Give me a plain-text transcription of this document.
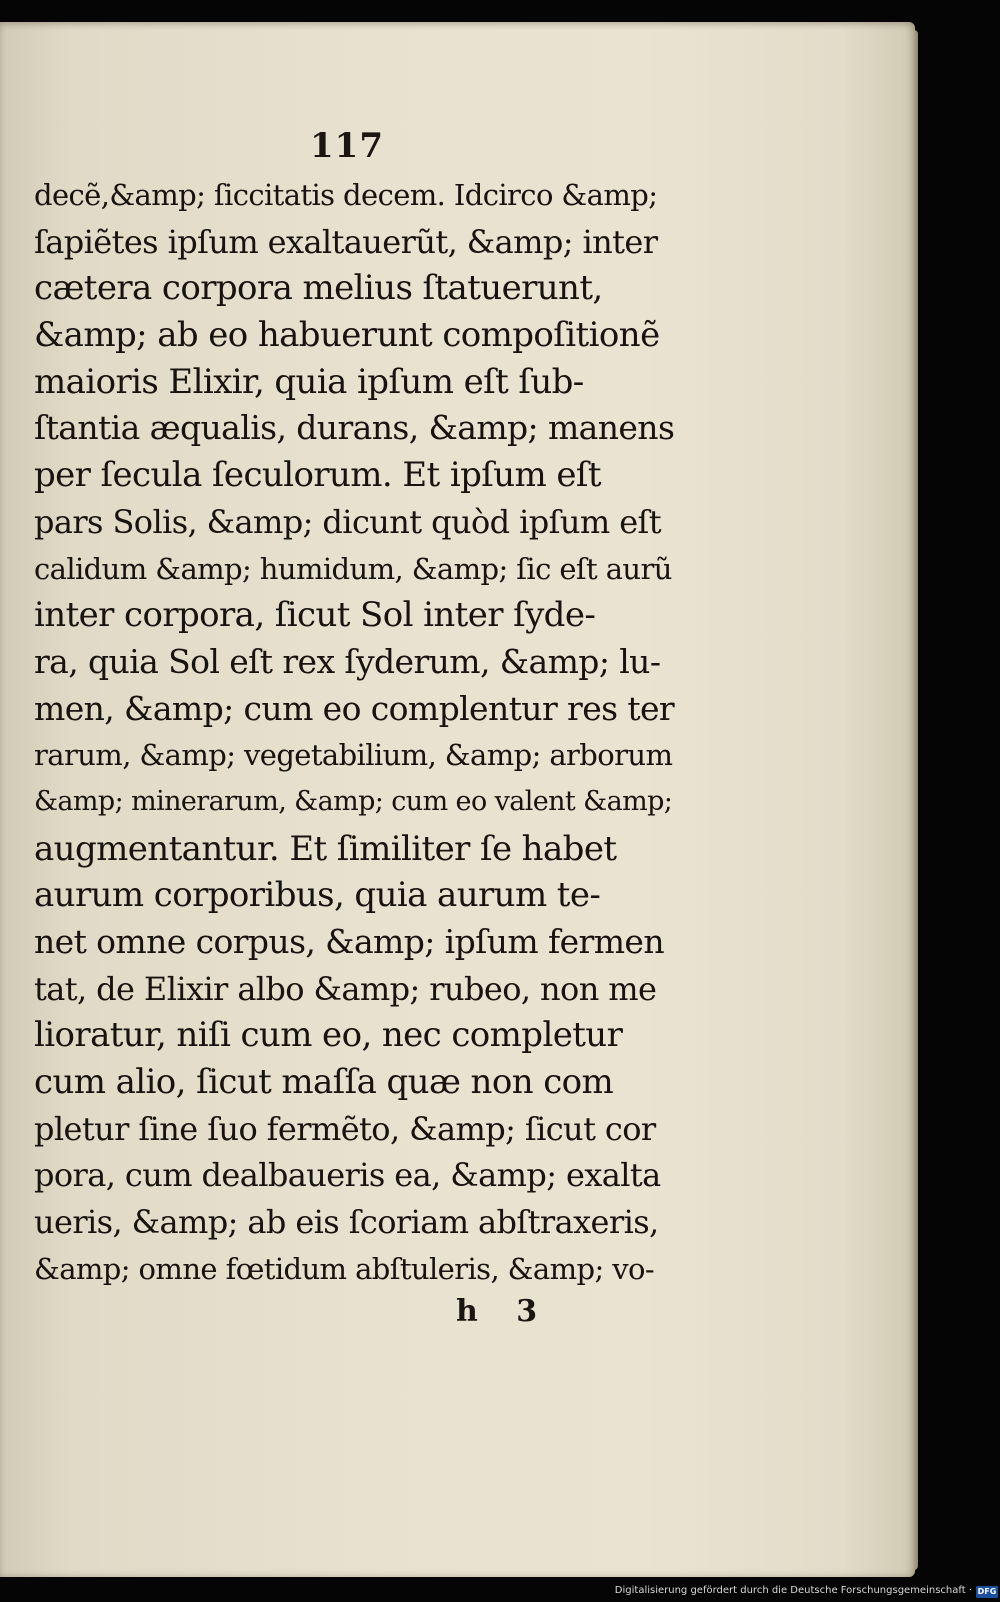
117
decẽ,&amp; ſiccitatis decem. Idcirco &amp;
ſapiẽtes ipſum exaltauerũt, &amp; inter
cætera corpora melius ſtatuerunt,
&amp; ab eo habuerunt compoſitionẽ
maioris Elixir, quia ipſum eſt ſub-
ſtantia æqualis, durans, &amp; manens
per ſecula ſeculorum. Et ipſum eſt
pars Solis, &amp; dicunt quòd ipſum eſt
calidum &amp; humidum, &amp; ſic eſt aurũ
inter corpora, ſicut Sol inter ſyde-
ra, quia Sol eſt rex ſyderum, &amp; lu-
men, &amp; cum eo complentur res ter
rarum, &amp; vegetabilium, &amp; arborum
&amp; minerarum, &amp; cum eo valent &amp;
augmentantur. Et ſimiliter ſe habet
aurum corporibus, quia aurum te-
net omne corpus, &amp; ipſum fermen
tat, de Elixir albo &amp; rubeo, non me
lioratur, niſi cum eo, nec completur
cum alio, ſicut maſſa quæ non com
pletur ſine ſuo fermẽto, &amp; ſicut cor
pora, cum dealbaueris ea, &amp; exalta
ueris, &amp; ab eis ſcoriam abſtraxeris,
&amp; omne fœtidum abſtuleris, &amp; vo-
h 3
Digitalisierung gefördert durch die Deutsche Forschungsgemeinschaft · DFG
